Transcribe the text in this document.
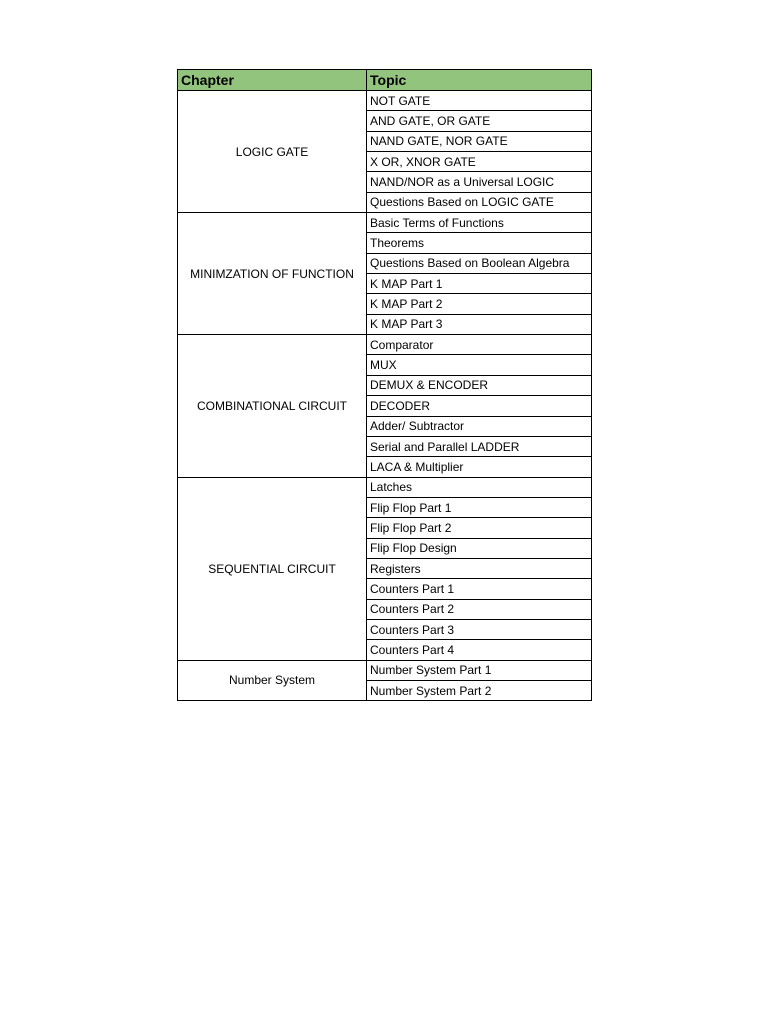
Chapter	Topic
LOGIC GATE	NOT GATE
	AND GATE, OR GATE
	NAND GATE, NOR GATE
	X OR, XNOR GATE
	NAND/NOR as a Universal LOGIC
	Questions Based on LOGIC GATE
MINIMZATION OF FUNCTION	Basic Terms of Functions
	Theorems
	Questions Based on Boolean Algebra
	K MAP Part 1
	K MAP Part 2
	K MAP Part 3
COMBINATIONAL CIRCUIT	Comparator
	MUX
	DEMUX & ENCODER
	DECODER
	Adder/ Subtractor
	Serial and Parallel LADDER
	LACA & Multiplier
SEQUENTIAL CIRCUIT	Latches
	Flip Flop Part 1
	Flip Flop Part 2
	Flip Flop Design
	Registers
	Counters Part 1
	Counters Part 2
	Counters Part 3
	Counters Part 4
Number System	Number System Part 1
	Number System Part 2
